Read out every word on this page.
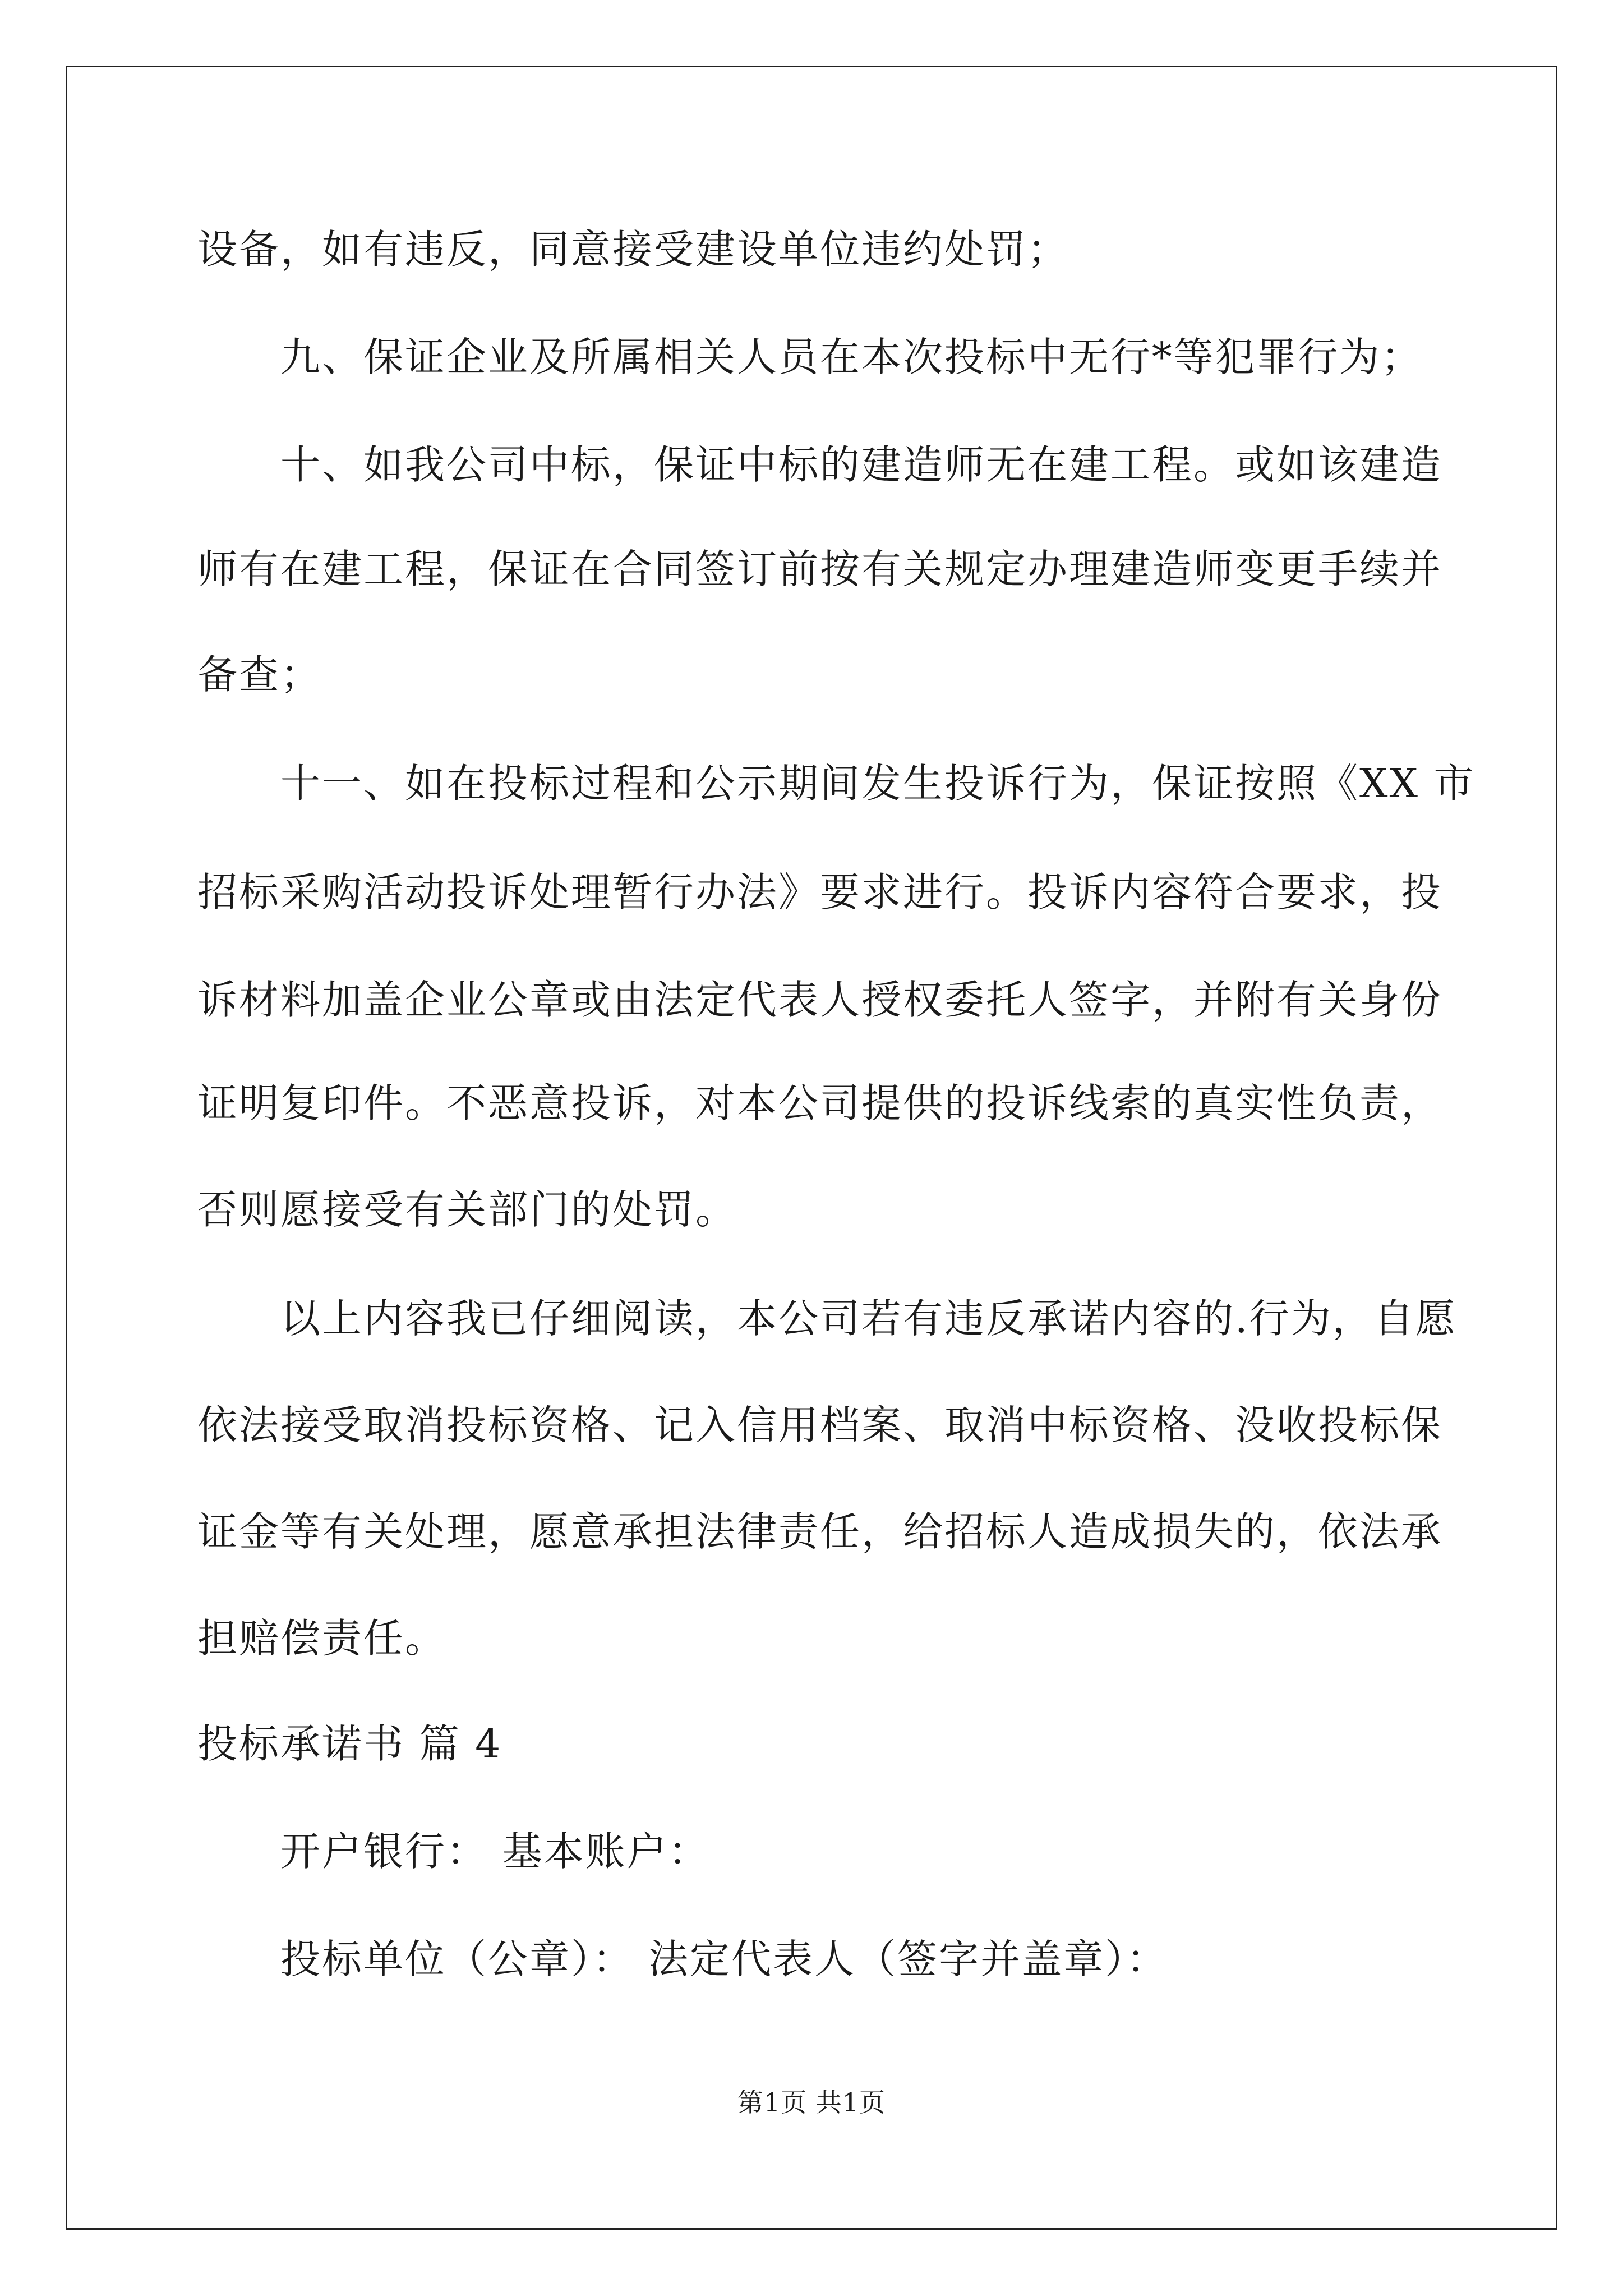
设备，如有违反，同意接受建设单位违约处罚；

九、保证企业及所属相关人员在本次投标中无行*等犯罪行为；

十、如我公司中标，保证中标的建造师无在建工程。或如该建造

师有在建工程，保证在合同签订前按有关规定办理建造师变更手续并

备查；

十一、如在投标过程和公示期间发生投诉行为，保证按照《XX 市

招标采购活动投诉处理暂行办法》要求进行。投诉内容符合要求，投

诉材料加盖企业公章或由法定代表人授权委托人签字，并附有关身份

证明复印件。不恶意投诉，对本公司提供的投诉线索的真实性负责，

否则愿接受有关部门的处罚。

以上内容我已仔细阅读，本公司若有违反承诺内容的.行为，自愿

依法接受取消投标资格、记入信用档案、取消中标资格、没收投标保

证金等有关处理，愿意承担法律责任，给招标人造成损失的，依法承

担赔偿责任。

投标承诺书 篇 4

开户银行： 基本账户：

投标单位（公章）： 法定代表人（签字并盖章）：

第1页 共1页
